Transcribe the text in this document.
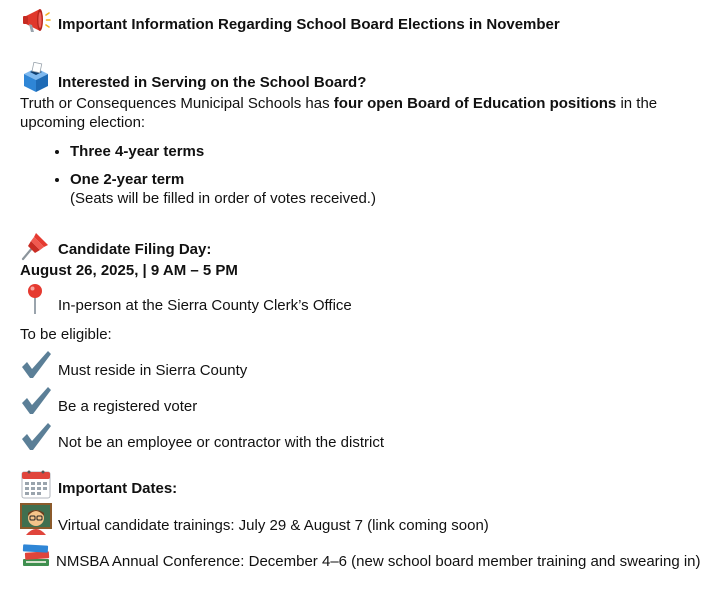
Important Information Regarding School Board Elections in November
Interested in Serving on the School Board?
Truth or Consequences Municipal Schools has four open Board of Education positions in the upcoming election:
• Three 4-year terms
• One 2-year term
(Seats will be filled in order of votes received.)
Candidate Filing Day:
August 26, 2025, | 9 AM – 5 PM
In-person at the Sierra County Clerk’s Office
To be eligible:
Must reside in Sierra County
Be a registered voter
Not be an employee or contractor with the district
Important Dates:
Virtual candidate trainings: July 29 & August 7 (link coming soon)
NMSBA Annual Conference: December 4–6 (new school board member training and swearing in)
